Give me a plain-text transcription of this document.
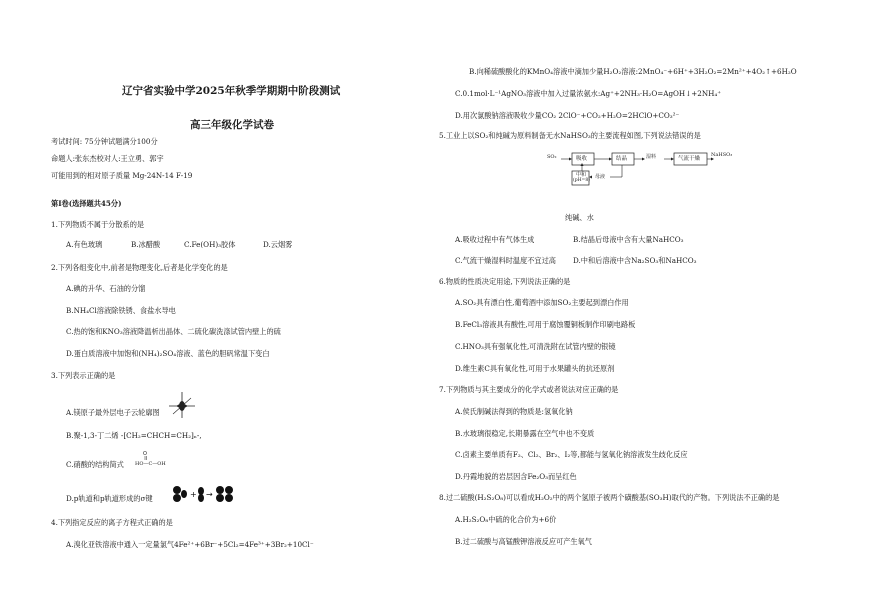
辽宁省实验中学2025年秋季学期期中阶段测试
高三年级化学试卷
考试时间: 75分钟试题满分100分
命题人:张东杰校对人:王立勇、郭宇
可能用到的相对原子质量 Mg-24N-14 F-19
第Ⅰ卷(选择题共45分)
1.下列物质不属于分散系的是
A.有色玻璃	B.冰醋酸	C.Fe(OH)₃胶体	D.云烟雾
2.下列各组变化中,前者是物理变化,后者是化学变化的是
A.碘的升华、石油的分馏
B.NH₄Cl溶液除铁锈、食盐水导电
C.热的饱和KNO₃溶液降温析出晶体、二硫化碳洗涤试管内壁上的硫
D.蛋白质溶液中加饱和(NH₄)₂SO₄溶液、蓝色的胆矾常温下变白
3.下列表示正确的是
A.镁原子最外层电子云轮廓图
B.聚-1,3-丁二烯 -[CH₂=CHCH=CH₂]ₙ-,
C.硝酸的结构简式 HO—C—OH
O
D.p轨道和p轨道形成的σ键	+ →
4.下列指定反应的离子方程式正确的是
A.溴化亚铁溶液中通入一定量氯气4Fe²⁺+6Br⁻+5Cl₂=4Fe³⁺+3Br₂+10Cl⁻
B.向稀硫酸酸化的KMnO₄溶液中滴加少量H₂O₂溶液:2MnO₄⁻+6H⁺+3H₂O₂=2Mn²⁺+4O₂↑+6H₂O
C.0.1mol·L⁻¹AgNO₃溶液中加入过量浓氨水:Ag⁺+2NH₃·H₂O=AgOH↓+2NH₄⁺
D.用次氯酸钠溶液吸收少量CO₂ 2ClO⁻+CO₂+H₂O=2HClO+CO₃²⁻
5.工业上以SO₂和纯碱为原料制备无水NaHSO₃的主要流程如图,下列说法错误的是
SO₂	吸收	结晶	湿料	气流干燥
NaHSO₃
中和
(pH=8)
母液
纯碱、水
A.吸收过程中有气体生成	B.结晶后母液中含有大量NaHCO₃
C.气流干燥湿料时温度不宜过高 D.中和后溶液中含Na₂SO₃和NaHCO₃
6.物质的性质决定用途,下列说法正确的是
A.SO₂具有漂白性,葡萄酒中添加SO₂主要起到漂白作用
B.FeCl₃溶液具有酸性,可用于腐蚀覆铜板制作印刷电路板
C.HNO₃具有强氧化性,可清洗附在试管内壁的银镜
D.维生素C具有氧化性,可用于水果罐头的抗还原剂
7.下列物质与其主要成分的化学式或者说法对应正确的是
A.侯氏制碱法得到的物质是:氢氧化钠
B.水玻璃很稳定,长期暴露在空气中也不变质
C.卤素主要单质有F₂、Cl₂、Br₂、I₂等,都能与氢氧化钠溶液发生歧化反应
D.丹霞地貌的岩层因含Fe₂O₃而呈红色
8.过二硫酸(H₂S₂O₈)可以看成H₂O₂中的两个氢原子被两个磺酸基(SO₃H)取代的产物。下列说法不正确的是
A.H₂S₂O₈中硫的化合价为+6价
B.过二硫酸与高锰酸钾溶液反应可产生氧气
